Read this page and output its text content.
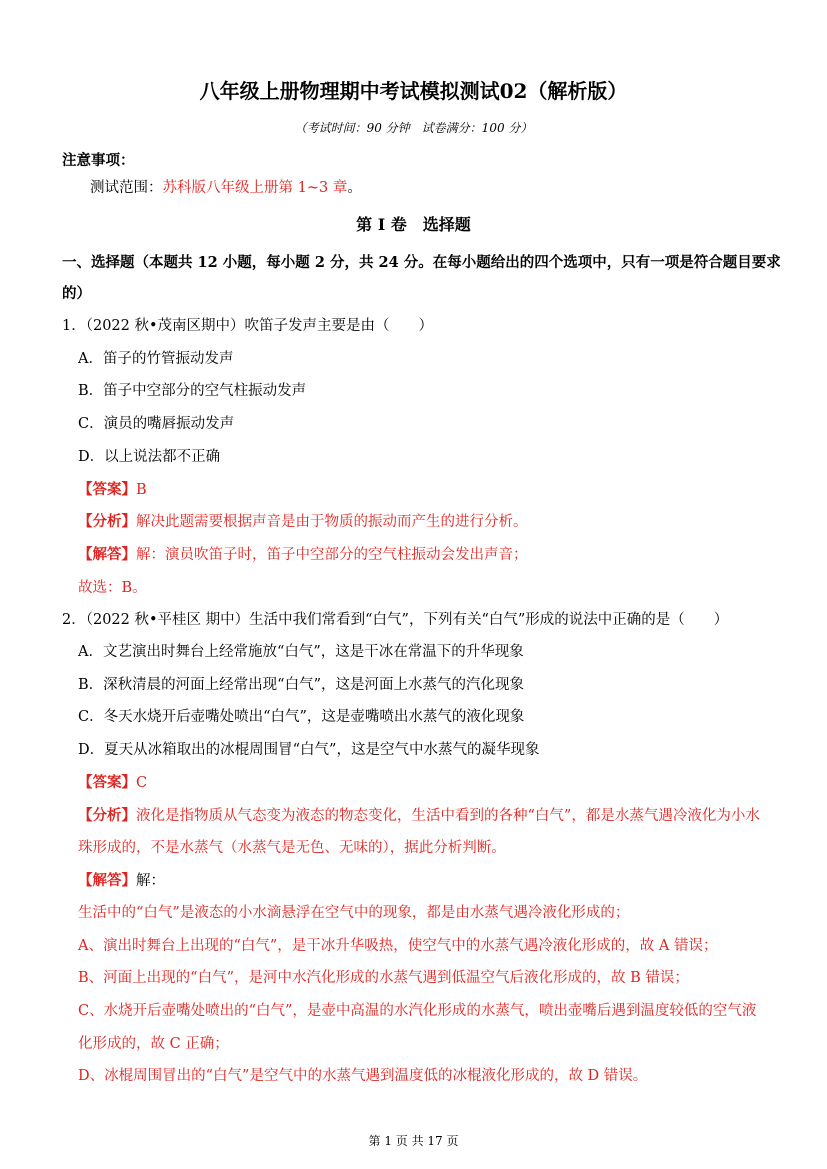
八年级上册物理期中考试模拟测试02（解析版）
（考试时间：90 分钟　试卷满分：100 分）
注意事项：
测试范围：苏科版八年级上册第 1~3 章。
第 I 卷　选择题
一、选择题（本题共 12 小题，每小题 2 分，共 24 分。在每小题给出的四个选项中，只有一项是符合题目要求
的）
1．（2022 秋•茂南区期中）吹笛子发声主要是由（　　）
A．笛子的竹管振动发声
B．笛子中空部分的空气柱振动发声
C．演员的嘴唇振动发声
D．以上说法都不正确
【答案】B
【分析】解决此题需要根据声音是由于物质的振动而产生的进行分析。
【解答】解：演员吹笛子时，笛子中空部分的空气柱振动会发出声音；
故选：B。
2．（2022 秋•平桂区 期中）生活中我们常看到“白气”，下列有关“白气”形成的说法中正确的是（　　）
A．文艺演出时舞台上经常施放“白气”，这是干冰在常温下的升华现象
B．深秋清晨的河面上经常出现“白气”，这是河面上水蒸气的汽化现象
C．冬天水烧开后壶嘴处喷出“白气”，这是壶嘴喷出水蒸气的液化现象
D．夏天从冰箱取出的冰棍周围冒“白气”，这是空气中水蒸气的凝华现象
【答案】C
【分析】液化是指物质从气态变为液态的物态变化，生活中看到的各种“白气”，都是水蒸气遇冷液化为小水
珠形成的，不是水蒸气（水蒸气是无色、无味的），据此分析判断。
【解答】解：
生活中的“白气”是液态的小水滴悬浮在空气中的现象，都是由水蒸气遇冷液化形成的；
A、演出时舞台上出现的“白气”，是干冰升华吸热，使空气中的水蒸气遇冷液化形成的，故 A 错误；
B、河面上出现的“白气”，是河中水汽化形成的水蒸气遇到低温空气后液化形成的，故 B 错误；
C、水烧开后壶嘴处喷出的“白气”，是壶中高温的水汽化形成的水蒸气，喷出壶嘴后遇到温度较低的空气液
化形成的，故 C 正确；
D、冰棍周围冒出的“白气”是空气中的水蒸气遇到温度低的冰棍液化形成的，故 D 错误。
第 1 页 共 17 页
